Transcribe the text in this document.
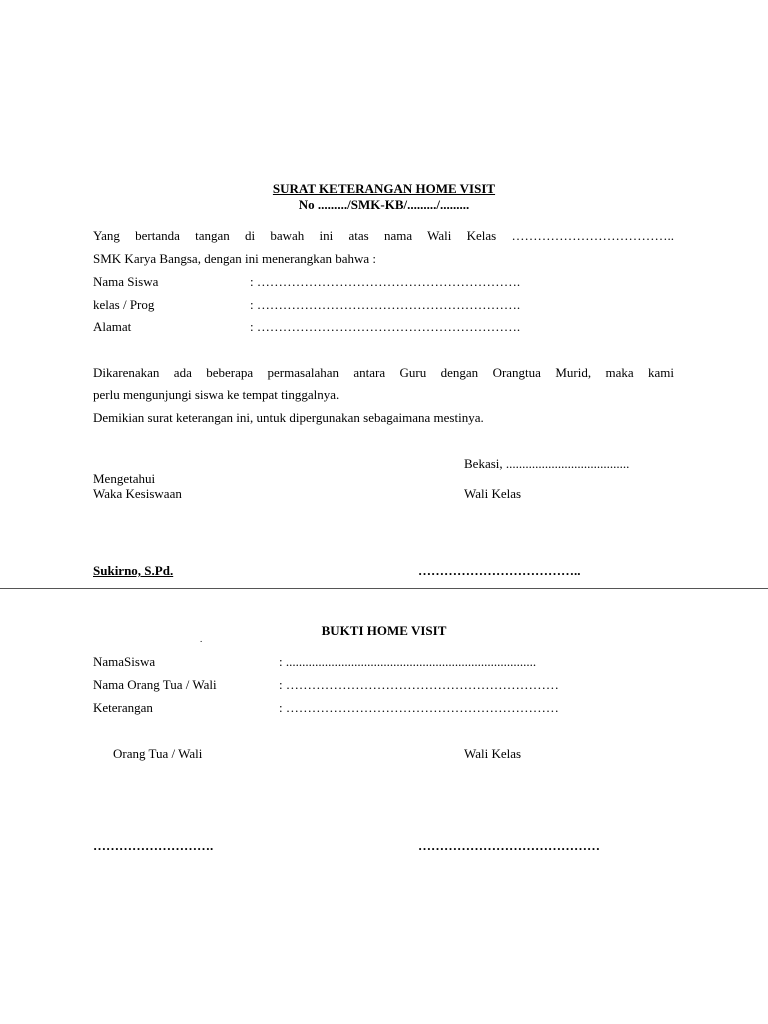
SURAT KETERANGAN HOME VISIT
No ........./SMK-KB/........./.........
Yang bertanda tangan di bawah ini atas nama Wali Kelas ………………………………..
SMK Karya Bangsa, dengan ini menerangkan bahwa :
Nama Siswa	: …………………………………………………….
kelas / Prog	: …………………………………………………….
Alamat	: …………………………………………………….
Dikarenakan ada beberapa permasalahan antara Guru dengan Orangtua Murid, maka kami
perlu mengunjungi siswa ke tempat tinggalnya.
Demikian surat keterangan ini, untuk dipergunakan sebagaimana mestinya.
Bekasi, ......................................
Mengetahui
Waka Kesiswaan	Wali Kelas
Sukirno, S.Pd.	………………………………..
BUKTI HOME VISIT
.
NamaSiswa	: .............................................................................
Nama Orang Tua / Wali	: ………………………………………………………
Keterangan	: ………………………………………………………
Orang Tua / Wali	Wali Kelas
……………………….	……………………………………
